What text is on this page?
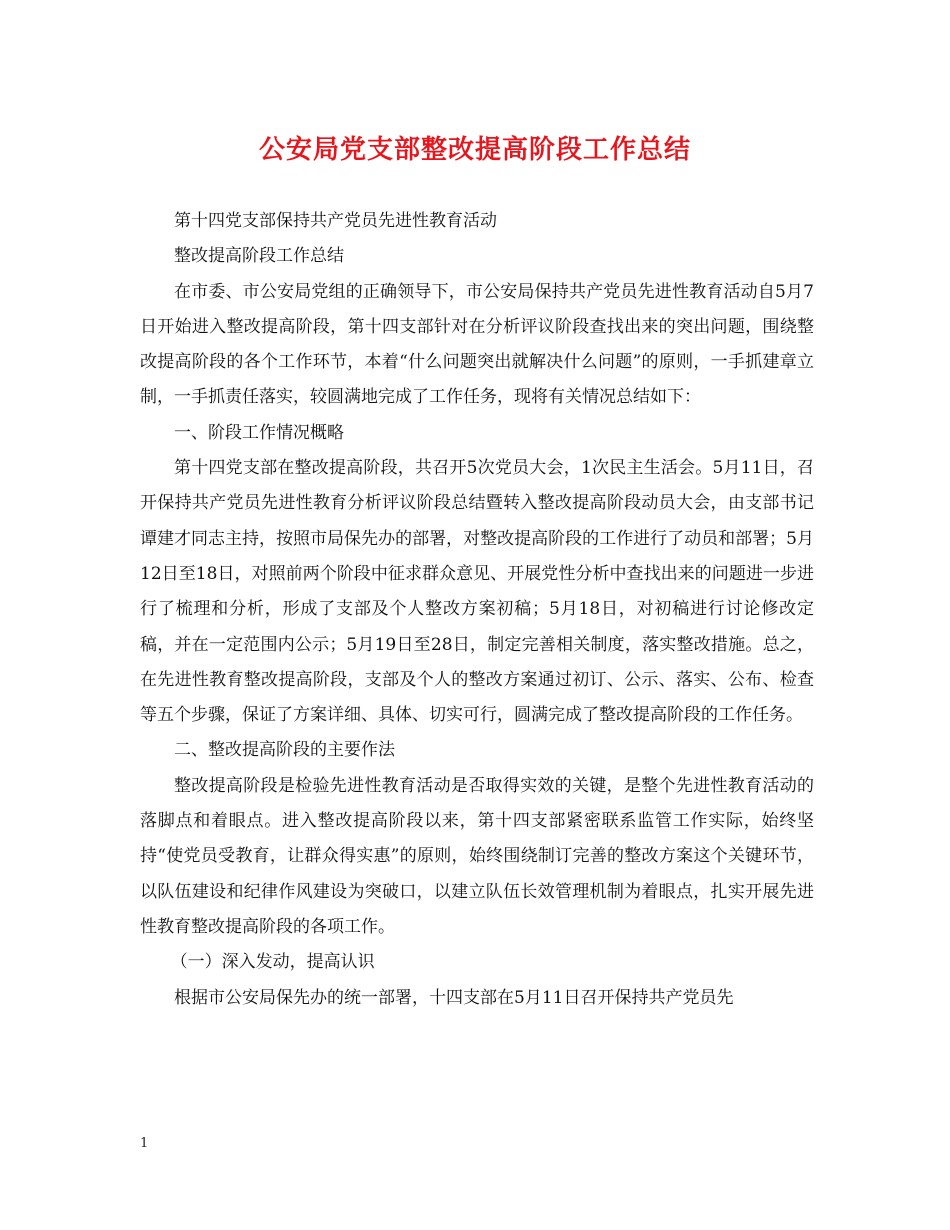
公安局党支部整改提高阶段工作总结

第十四党支部保持共产党员先进性教育活动

整改提高阶段工作总结

在市委、市公安局党组的正确领导下，市公安局保持共产党员先进性教育活动自5月7日开始进入整改提高阶段，第十四支部针对在分析评议阶段查找出来的突出问题，围绕整改提高阶段的各个工作环节，本着“什么问题突出就解决什么问题”的原则，一手抓建章立制，一手抓责任落实，较圆满地完成了工作任务，现将有关情况总结如下：

一、阶段工作情况概略

第十四党支部在整改提高阶段，共召开5次党员大会，1次民主生活会。5月11日，召开保持共产党员先进性教育分析评议阶段总结暨转入整改提高阶段动员大会，由支部书记谭建才同志主持，按照市局保先办的部署，对整改提高阶段的工作进行了动员和部署；5月12日至18日，对照前两个阶段中征求群众意见、开展党性分析中查找出来的问题进一步进行了梳理和分析，形成了支部及个人整改方案初稿；5月18日，对初稿进行讨论修改定稿，并在一定范围内公示；5月19日至28日，制定完善相关制度，落实整改措施。总之，在先进性教育整改提高阶段，支部及个人的整改方案通过初订、公示、落实、公布、检查等五个步骤，保证了方案详细、具体、切实可行，圆满完成了整改提高阶段的工作任务。

二、整改提高阶段的主要作法

整改提高阶段是检验先进性教育活动是否取得实效的关键，是整个先进性教育活动的落脚点和着眼点。进入整改提高阶段以来，第十四支部紧密联系监管工作实际，始终坚持“使党员受教育，让群众得实惠”的原则，始终围绕制订完善的整改方案这个关键环节，以队伍建设和纪律作风建设为突破口，以建立队伍长效管理机制为着眼点，扎实开展先进性教育整改提高阶段的各项工作。

（一）深入发动，提高认识

根据市公安局保先办的统一部署，十四支部在5月11日召开保持共产党员先

1
